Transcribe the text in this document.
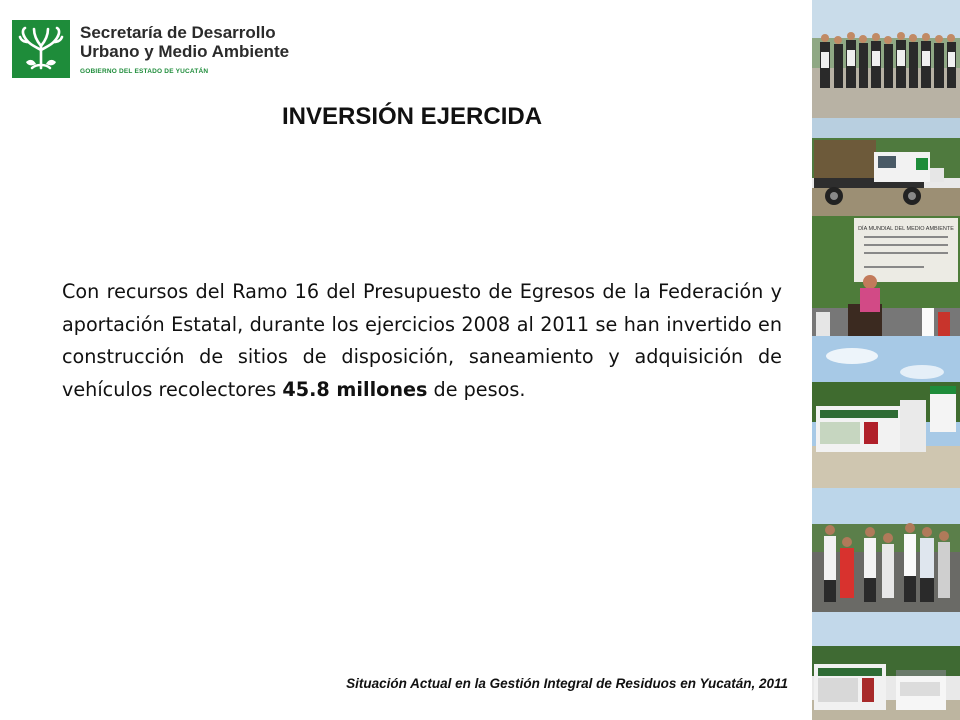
Secretaría de Desarrollo
Urbano y Medio Ambiente
GOBIERNO DEL ESTADO DE YUCATÁN
INVERSIÓN EJERCIDA
Con recursos del Ramo 16 del Presupuesto de Egresos de la Federación y aportación Estatal, durante los ejercicios 2008 al 2011 se han invertido en construcción de sitios de disposición, saneamiento y adquisición de vehículos recolectores 45.8 millones de pesos.
Situación Actual en la Gestión Integral de Residuos en Yucatán, 2011
DÍA MUNDIAL DEL MEDIO AMBIENTE
